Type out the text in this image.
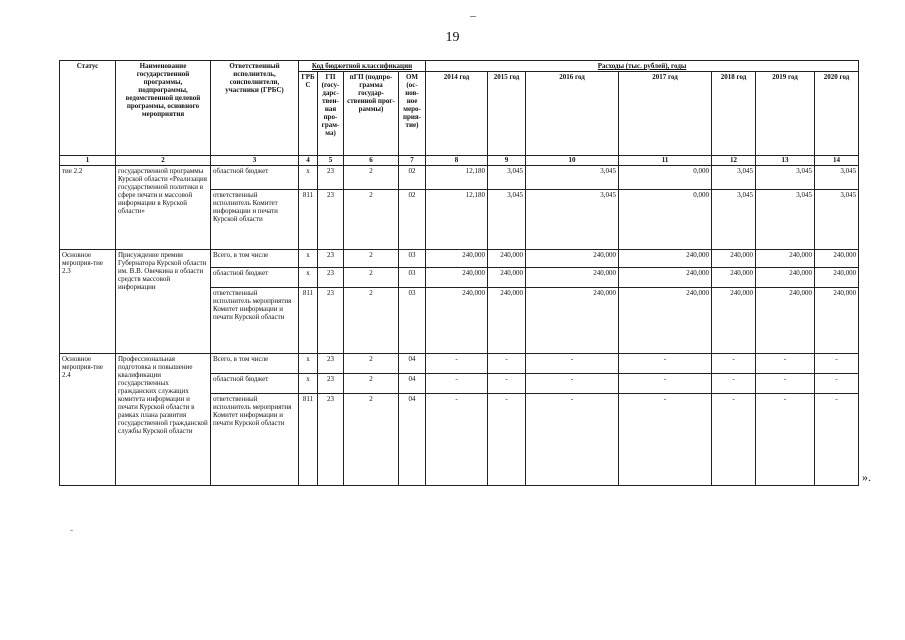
19
Статус	Наименование государственной программы, подпрограммы, ведомственной целевой программы, основного мероприятия	Ответственный исполнитель, соисполнители, участники (ГРБС)	Код бюджетной классификации				Расходы (тыс. рублей), годы						
			ГРБ С	ГП (госу-дарс-твен-ная про-грам-ма)	пГП (подпро-грамма государ-ственной прог-раммы)	ОМ (ос-нов-ное меро-прия-тие)	2014 год	2015 год	2016 год	2017 год	2018 год	2019 год	2020 год
1	2	3	4	5	6	7	8	9	10	11	12	13	14
тие 2.2	государственной программы Курской области «Реализация государственной политики в сфере печати и массовой информации в Курской области»	областной бюджет	х	23	2	02	12,180	3,045	3,045	0,000	3,045	3,045	3,045
		ответственный исполнитель Комитет информации и печати Курской области	811	23	2	02	12,180	3,045	3,045	0,000	3,045	3,045	3,045
Основное мероприя-тие 2.3	Присуждение премии Губернатора Курской области им. В.В. Овечкина в области средств массовой информации	Всего, в том числе	х	23	2	03	240,000	240,000	240,000	240,000	240,000	240,000	240,000
		областной бюджет	х	23	2	03	240,000	240,000	240,000	240,000	240,000	240,000	240,000
		ответственный исполнитель мероприятия Комитет информации и печати Курской области	811	23	2	03	240,000	240,000	240,000	240,000	240,000	240,000	240,000
Основное мероприя-тие 2.4	Профессиональная подготовка и повышение квалификации государственных гражданских служащих комитета информации и печати Курской области в рамках плана развития государственной гражданской службы Курской области	Всего, в том числе	х	23	2	04	-	-	-	-	-	-	-
		областной бюджет	х	23	2	04	-	-	-	-	-	-	-
		ответственный исполнитель мероприятия Комитет информации и печати Курской области	811	23	2	04	-	-	-	-	-	-	-
».
